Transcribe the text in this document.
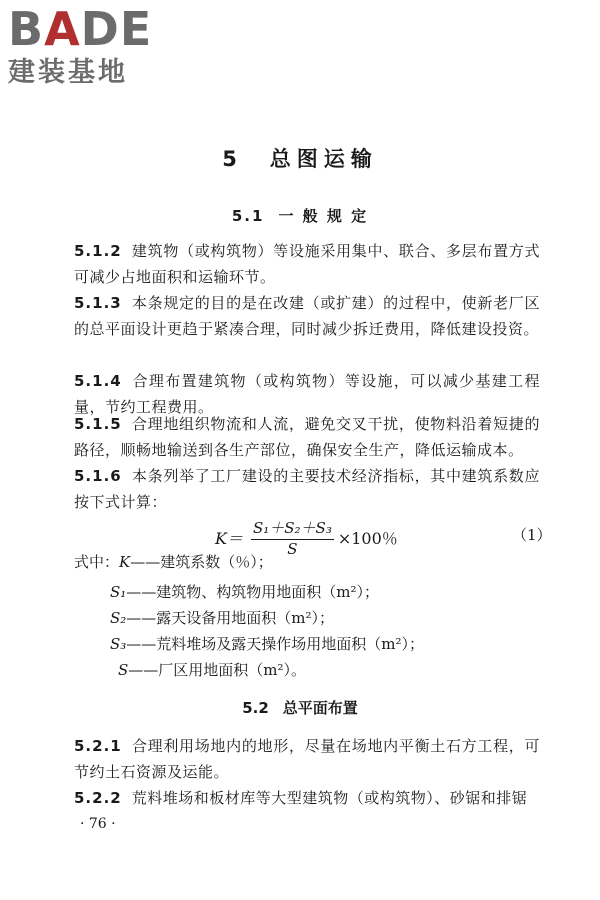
BADE
建装基地
5　总图运输
5.1 一 般 规 定
5.1.2 建筑物（或构筑物）等设施采用集中、联合、多层布置方式可减少占地面积和运输环节。
5.1.3 本条规定的目的是在改建（或扩建）的过程中，使新老厂区的总平面设计更趋于紧凑合理，同时减少拆迁费用，降低建设投资。
5.1.4 合理布置建筑物（或构筑物）等设施，可以减少基建工程量，节约工程费用。
5.1.5 合理地组织物流和人流，避免交叉干扰，使物料沿着短捷的路径，顺畅地输送到各生产部位，确保安全生产，降低运输成本。
5.1.6 本条列举了工厂建设的主要技术经济指标，其中建筑系数应按下式计算：
$K= \frac{\text{S₁＋S₂＋S₃}}{S} \times 100$％	（1）
式中：K——建筑系数（％）；
S₁——建筑物、构筑物用地面积（m²）；
S₂——露天设备用地面积（m²）；
S₃——荒料堆场及露天操作场用地面积（m²）；
S——厂区用地面积（m²）。
5.2 总平面布置
5.2.1 合理利用场地内的地形，尽量在场地内平衡土石方工程，可节约土石资源及运能。
5.2.2 荒料堆场和板材库等大型建筑物（或构筑物）、砂锯和排锯
· 76 ·
